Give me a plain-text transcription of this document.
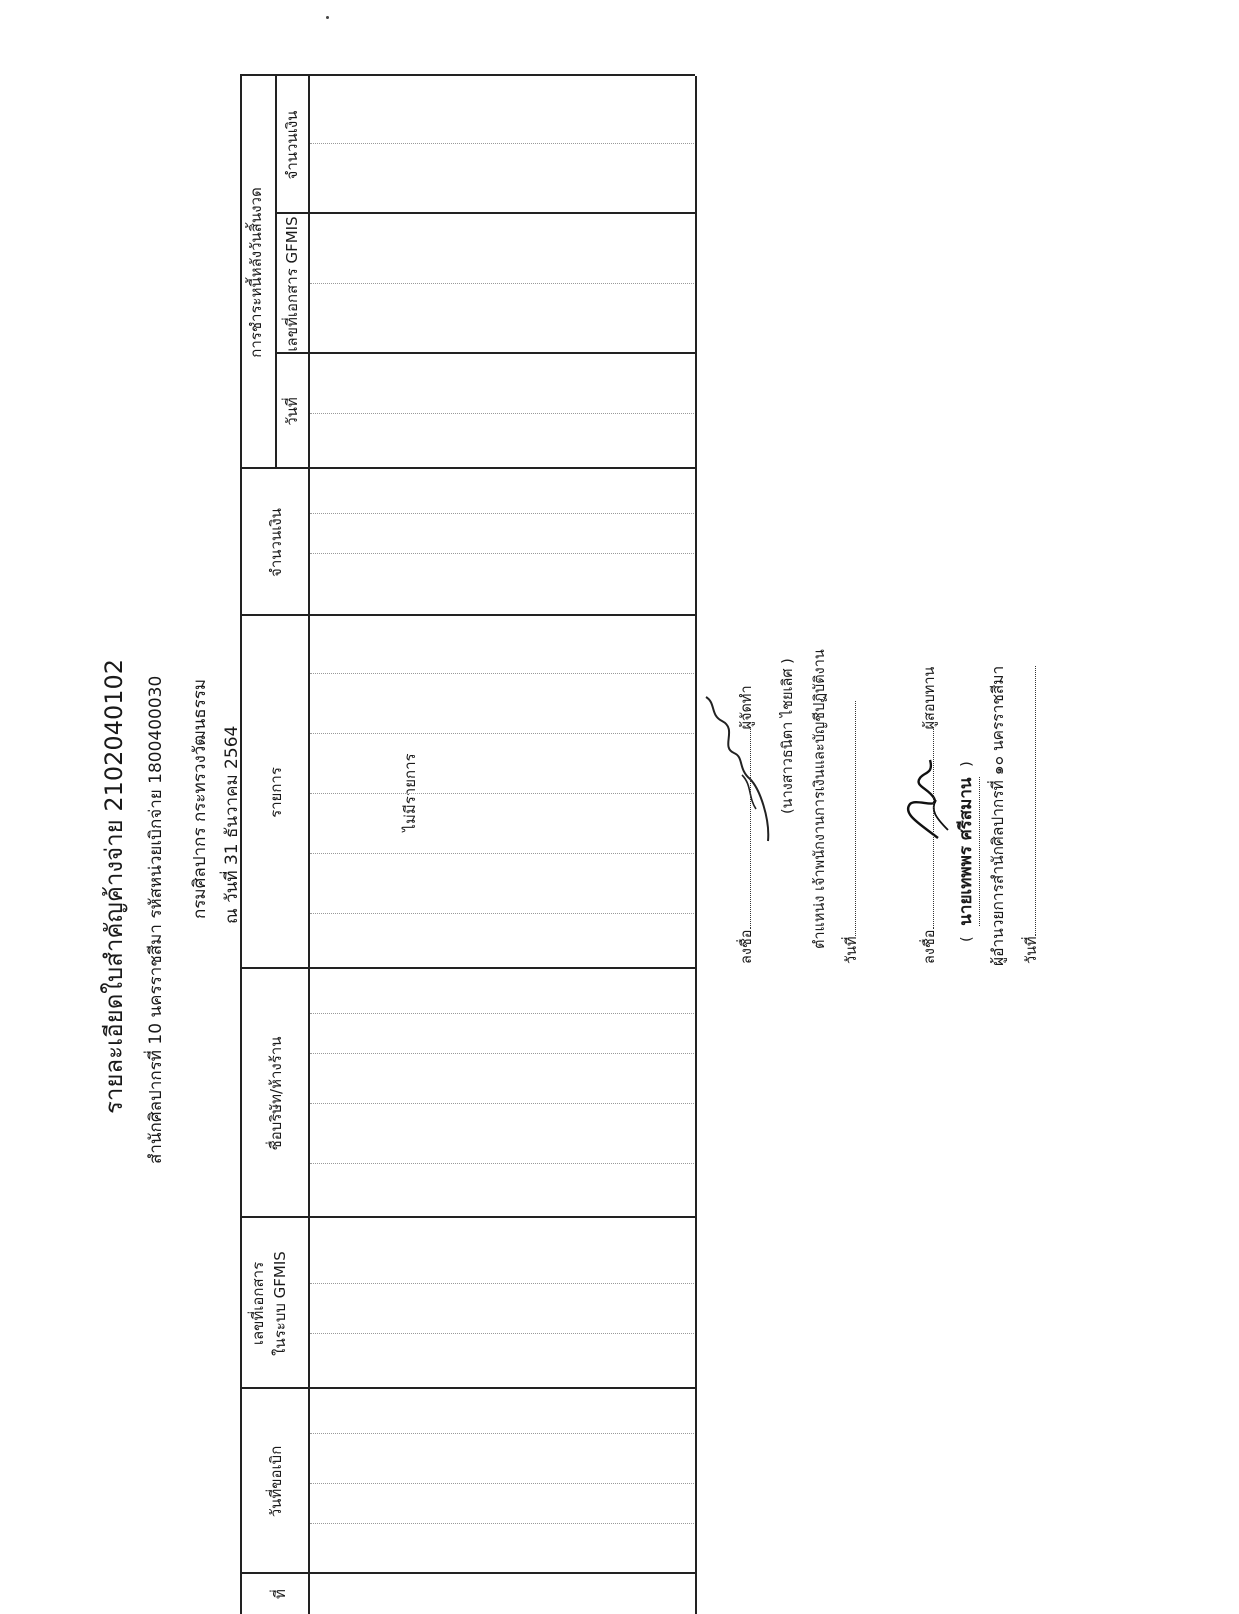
รายละเอียดใบสำคัญค้างจ่าย 2102040102 สำนักศิลปากรที่ 10 นครราชสีมา รหัสหน่วยเบิกจ่าย 1800400030 กรมศิลปากร กระทรวงวัฒนธรรม ณ วันที่ 31 ธันวาคม 2564
ที่
วันที่ขอเบิก
เลขที่เอกสาร ในระบบ GFMIS
ชื่อบริษัท/ห้างร้าน
รายการ
จำนวนเงิน
การชำระหนี้หลังวันสิ้นงวด
วันที่
เลขที่เอกสาร GFMIS
จำนวนเงิน
ไม่มีรายการ
ลงชื่อผู้จัดทำ (นางสาวธนิตา ไชยเลิศ ) ตำแหน่ง เจ้าพนักงานการเงินและบัญชีปฏิบัติงาน
วันที่	ลงชื่อผู้สอบทาน
( นายเทพพร ศรีสมาน ) ผู้อำนวยการสำนักศิลปากรที่ ๑๐ นครราชสีมา วันที่
